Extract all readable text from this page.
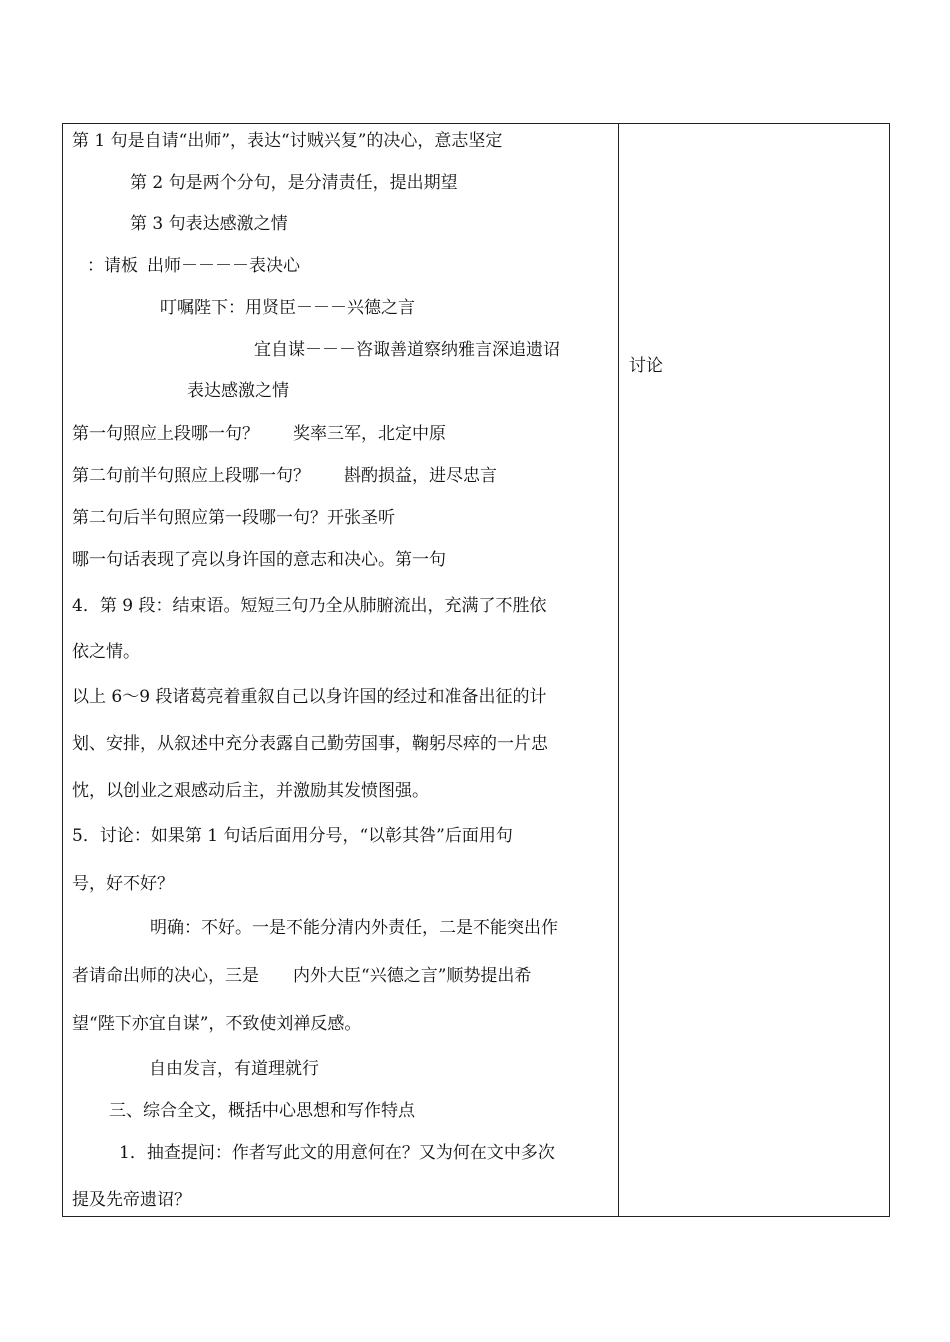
第 1 句是自请“出师”，表达“讨贼兴复”的决心，意志坚定
第 2 句是两个分句，是分清责任，提出期望
第 3 句表达感激之情
：请板 出师－－－－表决心
叮嘱陛下：用贤臣－－－兴德之言
宜自谋－－－咨诹善道察纳雅言深追遗诏
表达感激之情
第一句照应上段哪一句？　　奖率三军，北定中原
第二句前半句照应上段哪一句？　　斟酌损益，进尽忠言
第二句后半句照应第一段哪一句？开张圣听
哪一句话表现了亮以身许国的意志和决心。第一句
4．第 9 段：结束语。短短三句乃全从肺腑流出，充满了不胜依
依之情。
以上 6～9 段诸葛亮着重叙自己以身许国的经过和准备出征的计
划、安排，从叙述中充分表露自己勤劳国事，鞠躬尽瘁的一片忠
忱，以创业之艰感动后主，并激励其发愤图强。
5．讨论：如果第 1 句话后面用分号，“以彰其咎”后面用句
号，好不好？
明确：不好。一是不能分清内外责任，二是不能突出作
者请命出师的决心，三是　　内外大臣“兴德之言”顺势提出希
望“陛下亦宜自谋”，不致使刘禅反感。
自由发言，有道理就行
三、综合全文，概括中心思想和写作特点
1．抽查提问：作者写此文的用意何在？又为何在文中多次
提及先帝遗诏？
讨论
